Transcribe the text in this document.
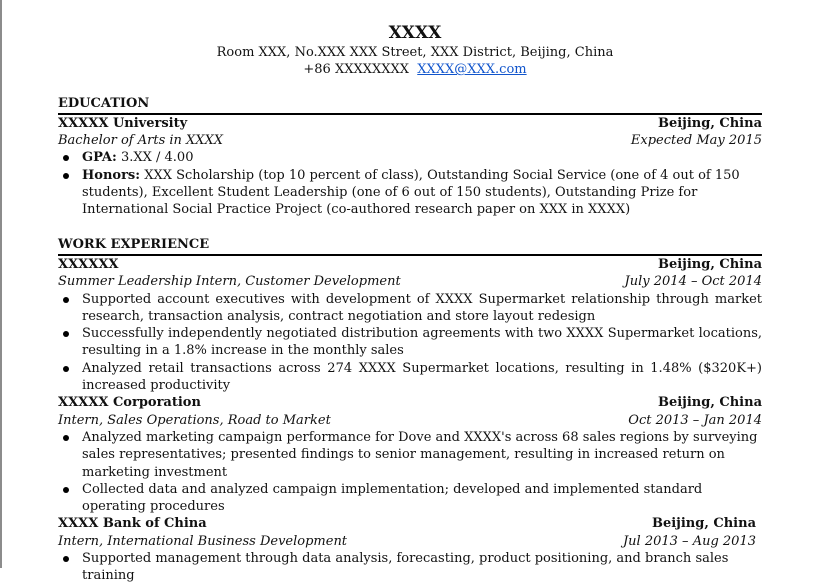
XXXX
Room XXX, No.XXX XXX Street, XXX District, Beijing, China
+86 XXXXXXXX XXXX@XXX.com
EDUCATION
XXXXX University	Beijing, China
Bachelor of Arts in XXXX	Expected May 2015
GPA: 3.XX / 4.00
Honors: XXX Scholarship (top 10 percent of class), Outstanding Social Service (one of 4 out of 150 students), Excellent Student Leadership (one of 6 out of 150 students), Outstanding Prize for International Social Practice Project (co-authored research paper on XXX in XXXX)
WORK EXPERIENCE
XXXXXX	Beijing, China
Summer Leadership Intern, Customer Development	July 2014 – Oct 2014
Supported account executives with development of XXXX Supermarket relationship through market research, transaction analysis, contract negotiation and store layout redesign
Successfully independently negotiated distribution agreements with two XXXX Supermarket locations, resulting in a 1.8% increase in the monthly sales
Analyzed retail transactions across 274 XXXX Supermarket locations, resulting in 1.48% ($320K+) increased productivity
XXXXX Corporation	Beijing, China
Intern, Sales Operations, Road to Market	Oct 2013 – Jan 2014
Analyzed marketing campaign performance for Dove and XXXX's across 68 sales regions by surveying sales representatives; presented findings to senior management, resulting in increased return on marketing investment
Collected data and analyzed campaign implementation; developed and implemented standard operating procedures
XXXX Bank of China	Beijing, China
Intern, International Business Development	Jul 2013 – Aug 2013
Supported management through data analysis, forecasting, product positioning, and branch sales training
